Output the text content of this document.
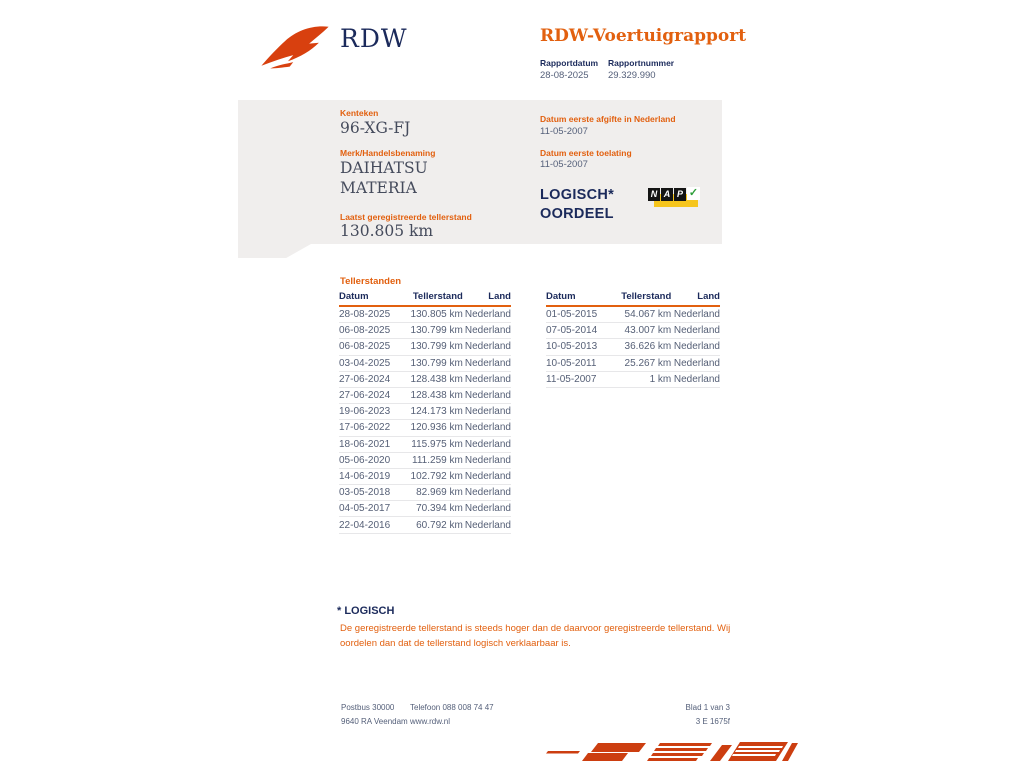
RDW	RDW-Voertuigrapport
Rapportdatum
28-08-2025
Rapportnummer
29.329.990
Kenteken
96-XG-FJ
Merk/Handelsbenaming
DAIHATSU
MATERIA
Laatst geregistreerde tellerstand
130.805 km
Datum eerste afgifte in Nederland
11-05-2007
Datum eerste toelating
11-05-2007
LOGISCH*
OORDEEL
N A P ✓
Tellerstanden
Datum	Tellerstand	Land
28-08-2025	130.805 km	Nederland
06-08-2025	130.799 km	Nederland
06-08-2025	130.799 km	Nederland
03-04-2025	130.799 km	Nederland
27-06-2024	128.438 km	Nederland
27-06-2024	128.438 km	Nederland
19-06-2023	124.173 km	Nederland
17-06-2022	120.936 km	Nederland
18-06-2021	115.975 km	Nederland
05-06-2020	111.259 km	Nederland
14-06-2019	102.792 km	Nederland
03-05-2018	82.969 km	Nederland
04-05-2017	70.394 km	Nederland
22-04-2016	60.792 km	Nederland
Datum	Tellerstand	Land
01-05-2015	54.067 km	Nederland
07-05-2014	43.007 km	Nederland
10-05-2013	36.626 km	Nederland
10-05-2011	25.267 km	Nederland
11-05-2007	1 km	Nederland
* LOGISCH
De geregistreerde tellerstand is steeds hoger dan de daarvoor geregistreerde tellerstand. Wij oordelen dan dat de tellerstand logisch verklaarbaar is.
Postbus 30000
9640 RA Veendam
Telefoon 088 008 74 47
www.rdw.nl
Blad 1 van 3
3 E 1675f
